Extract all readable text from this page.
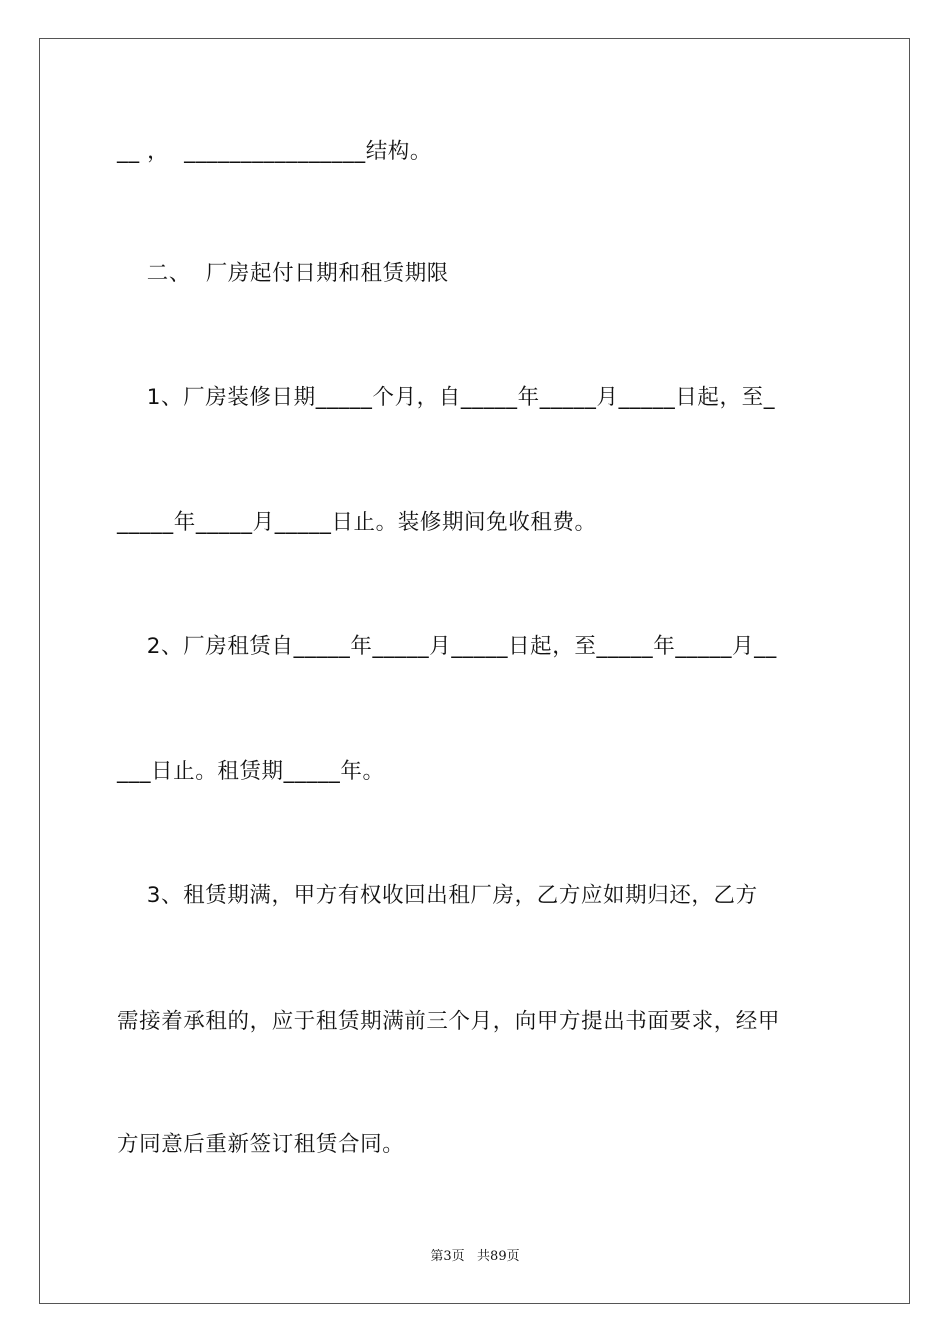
__ ，  ________________结构。
二、  厂房起付日期和租赁期限
1、厂房装修日期_____个月，自_____年_____月_____日起，至_
_____年_____月_____日止。装修期间免收租费。
2、厂房租赁自_____年_____月_____日起，至_____年_____月__
___日止。租赁期_____年。
3、租赁期满，甲方有权收回出租厂房，乙方应如期归还，乙方
需接着承租的，应于租赁期满前三个月，向甲方提出书面要求，经甲
方同意后重新签订租赁合同。
第3页   共89页
